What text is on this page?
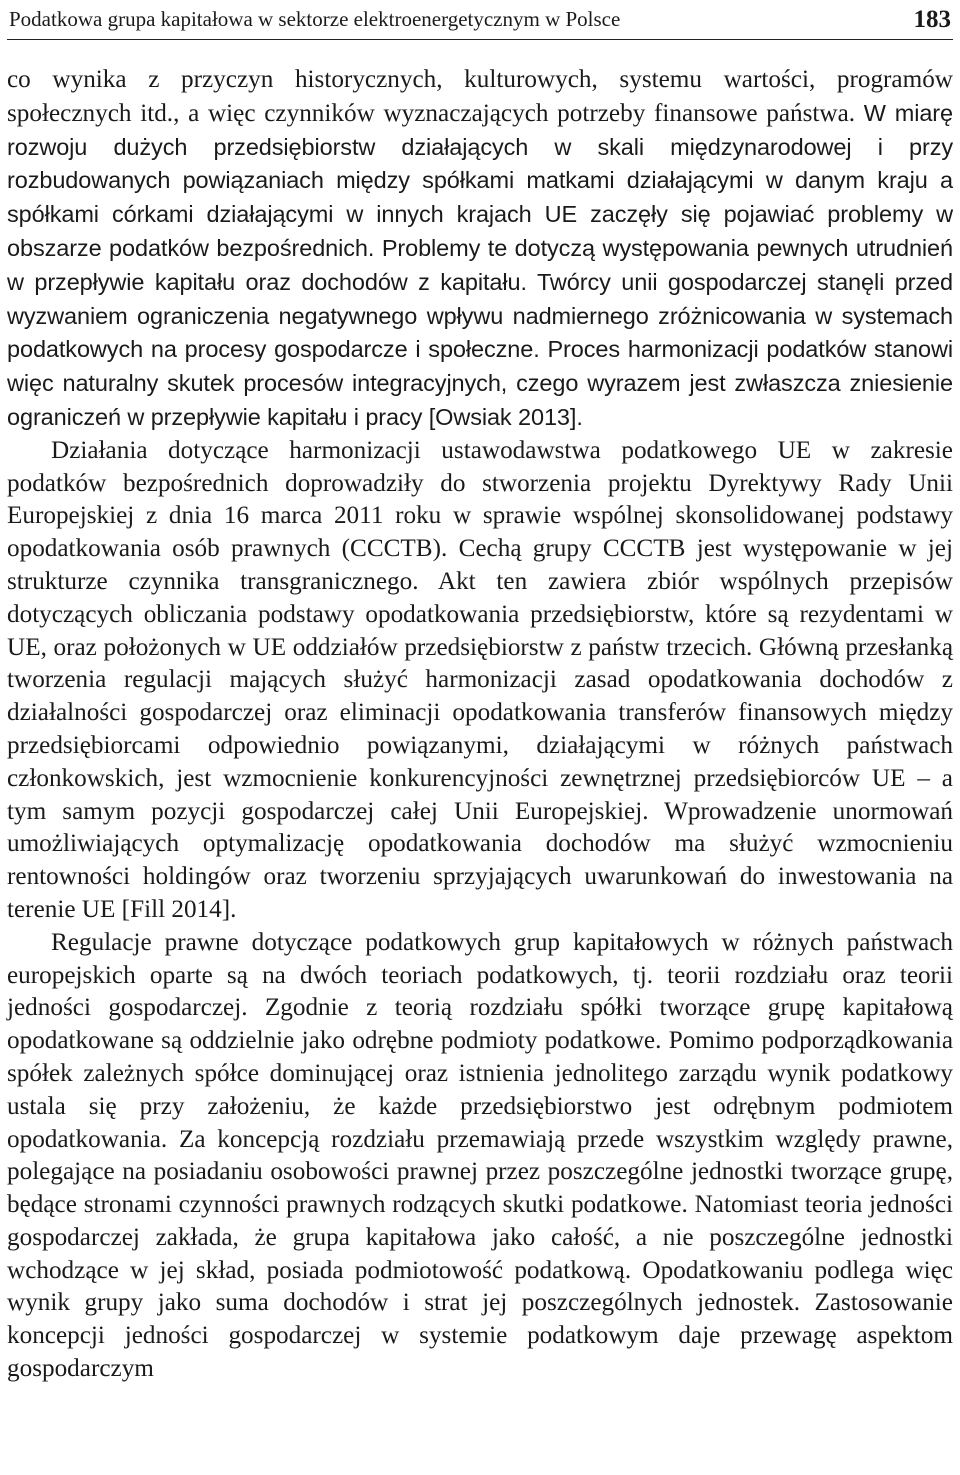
Podatkowa grupa kapitałowa w sektorze elektroenergetycznym w Polsce	183

co wynika z przyczyn historycznych, kulturowych, systemu wartości, programów społecznych itd., a więc czynników wyznaczających potrzeby finansowe państwa. W miarę rozwoju dużych przedsiębiorstw działających w skali międzynarodowej i przy rozbudowanych powiązaniach między spółkami matkami działającymi w danym kraju a spółkami córkami działającymi w innych krajach UE zaczęły się pojawiać problemy w obszarze podatków bezpośrednich. Problemy te dotyczą występowania pewnych utrudnień w przepływie kapitału oraz dochodów z kapitału. Twórcy unii gospodarczej stanęli przed wyzwaniem ograniczenia negatywnego wpływu nadmiernego zróżnicowania w systemach podatkowych na procesy gospodarcze i społeczne. Proces harmonizacji podatków stanowi więc naturalny skutek procesów integracyjnych, czego wyrazem jest zwłaszcza zniesienie ograniczeń w przepływie kapitału i pracy [Owsiak 2013].

Działania dotyczące harmonizacji ustawodawstwa podatkowego UE w zakresie podatków bezpośrednich doprowadziły do stworzenia projektu Dyrektywy Rady Unii Europejskiej z dnia 16 marca 2011 roku w sprawie wspólnej skonsolidowanej podstawy opodatkowania osób prawnych (CCCTB). Cechą grupy CCCTB jest występowanie w jej strukturze czynnika transgranicznego. Akt ten zawiera zbiór wspólnych przepisów dotyczących obliczania podstawy opodatkowania przedsiębiorstw, które są rezydentami w UE, oraz położonych w UE oddziałów przedsiębiorstw z państw trzecich. Główną przesłanką tworzenia regulacji mających służyć harmonizacji zasad opodatkowania dochodów z działalności gospodarczej oraz eliminacji opodatkowania transferów finansowych między przedsiębiorcami odpowiednio powiązanymi, działającymi w różnych państwach członkowskich, jest wzmocnienie konkurencyjności zewnętrznej przedsiębiorców UE – a tym samym pozycji gospodarczej całej Unii Europejskiej. Wprowadzenie unormowań umożliwiających optymalizację opodatkowania dochodów ma służyć wzmocnieniu rentowności holdingów oraz tworzeniu sprzyjających uwarunkowań do inwestowania na terenie UE [Fill 2014].

Regulacje prawne dotyczące podatkowych grup kapitałowych w różnych państwach europejskich oparte są na dwóch teoriach podatkowych, tj. teorii rozdziału oraz teorii jedności gospodarczej. Zgodnie z teorią rozdziału spółki tworzące grupę kapitałową opodatkowane są oddzielnie jako odrębne podmioty podatkowe. Pomimo podporządkowania spółek zależnych spółce dominującej oraz istnienia jednolitego zarządu wynik podatkowy ustala się przy założeniu, że każde przedsiębiorstwo jest odrębnym podmiotem opodatkowania. Za koncepcją rozdziału przemawiają przede wszystkim względy prawne, polegające na posiadaniu osobowości prawnej przez poszczególne jednostki tworzące grupę, będące stronami czynności prawnych rodzących skutki podatkowe. Natomiast teoria jedności gospodarczej zakłada, że grupa kapitałowa jako całość, a nie poszczególne jednostki wchodzące w jej skład, posiada podmiotowość podatkową. Opodatkowaniu podlega więc wynik grupy jako suma dochodów i strat jej poszczególnych jednostek. Zastosowanie koncepcji jedności gospodarczej w systemie podatkowym daje przewagę aspektom gospodarczym
